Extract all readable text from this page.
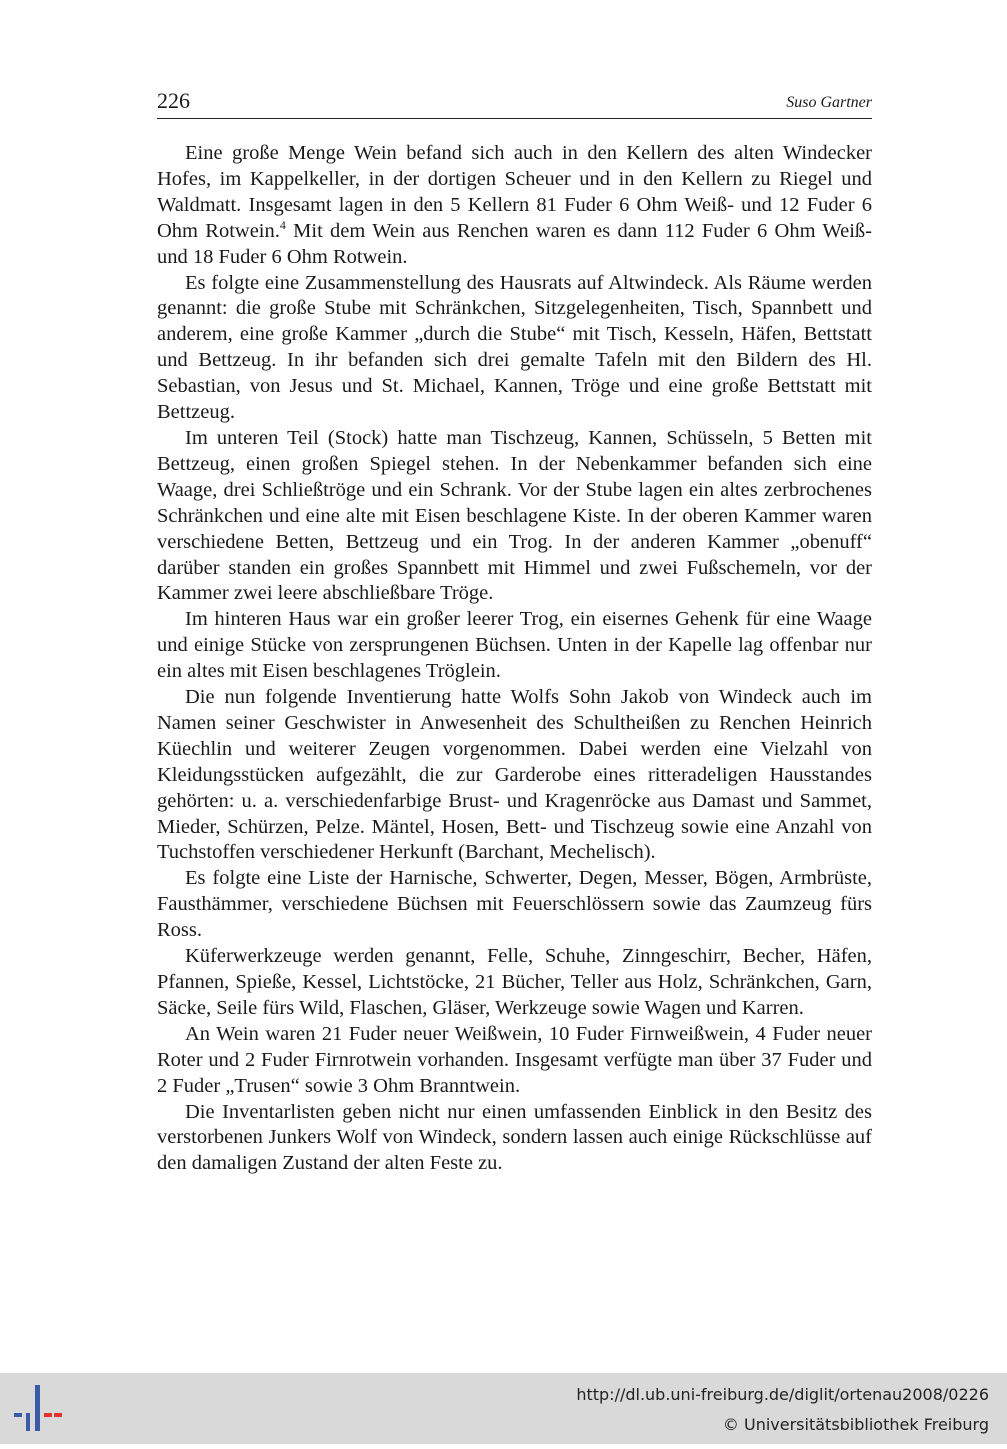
226	Suso Gartner

Eine große Menge Wein befand sich auch in den Kellern des alten Windecker Hofes, im Kappelkeller, in der dortigen Scheuer und in den Kellern zu Riegel und Waldmatt. Insgesamt lagen in den 5 Kellern 81 Fuder 6 Ohm Weiß- und 12 Fuder 6 Ohm Rotwein.$^4$ Mit dem Wein aus Renchen waren es dann 112 Fuder 6 Ohm Weiß- und 18 Fuder 6 Ohm Rotwein.

Es folgte eine Zusammenstellung des Hausrats auf Altwindeck. Als Räume werden genannt: die große Stube mit Schränkchen, Sitzgelegenheiten, Tisch, Spannbett und anderem, eine große Kammer „durch die Stube“ mit Tisch, Kesseln, Häfen, Bettstatt und Bettzeug. In ihr befanden sich drei gemalte Tafeln mit den Bildern des Hl. Sebastian, von Jesus und St. Michael, Kannen, Tröge und eine große Bettstatt mit Bettzeug.

Im unteren Teil (Stock) hatte man Tischzeug, Kannen, Schüsseln, 5 Betten mit Bettzeug, einen großen Spiegel stehen. In der Nebenkammer befanden sich eine Waage, drei Schließtröge und ein Schrank. Vor der Stube lagen ein altes zerbrochenes Schränkchen und eine alte mit Eisen beschlagene Kiste. In der oberen Kammer waren verschiedene Betten, Bettzeug und ein Trog. In der anderen Kammer „obenuff“ darüber standen ein großes Spannbett mit Himmel und zwei Fußschemeln, vor der Kammer zwei leere abschließbare Tröge.

Im hinteren Haus war ein großer leerer Trog, ein eisernes Gehenk für eine Waage und einige Stücke von zersprungenen Büchsen. Unten in der Kapelle lag offenbar nur ein altes mit Eisen beschlagenes Tröglein.

Die nun folgende Inventierung hatte Wolfs Sohn Jakob von Windeck auch im Namen seiner Geschwister in Anwesenheit des Schultheißen zu Renchen Heinrich Küechlin und weiterer Zeugen vorgenommen. Dabei werden eine Vielzahl von Kleidungsstücken aufgezählt, die zur Garderobe eines ritteradeligen Hausstandes gehörten: u. a. verschiedenfarbige Brust- und Kragenröcke aus Damast und Sammet, Mieder, Schürzen, Pelze. Mäntel, Hosen, Bett- und Tischzeug sowie eine Anzahl von Tuchstoffen verschiedener Herkunft (Barchant, Mechelisch).

Es folgte eine Liste der Harnische, Schwerter, Degen, Messer, Bögen, Armbrüste, Fausthämmer, verschiedene Büchsen mit Feuerschlössern sowie das Zaumzeug fürs Ross.

Küferwerkzeuge werden genannt, Felle, Schuhe, Zinngeschirr, Becher, Häfen, Pfannen, Spieße, Kessel, Lichtstöcke, 21 Bücher, Teller aus Holz, Schränkchen, Garn, Säcke, Seile fürs Wild, Flaschen, Gläser, Werkzeuge sowie Wagen und Karren.

An Wein waren 21 Fuder neuer Weißwein, 10 Fuder Firnweißwein, 4 Fuder neuer Roter und 2 Fuder Firnrotwein vorhanden. Insgesamt verfügte man über 37 Fuder und 2 Fuder „Trusen“ sowie 3 Ohm Branntwein.

Die Inventarlisten geben nicht nur einen umfassenden Einblick in den Besitz des verstorbenen Junkers Wolf von Windeck, sondern lassen auch einige Rückschlüsse auf den damaligen Zustand der alten Feste zu.

http://dl.ub.uni-freiburg.de/diglit/ortenau2008/0226
© Universitätsbibliothek Freiburg
